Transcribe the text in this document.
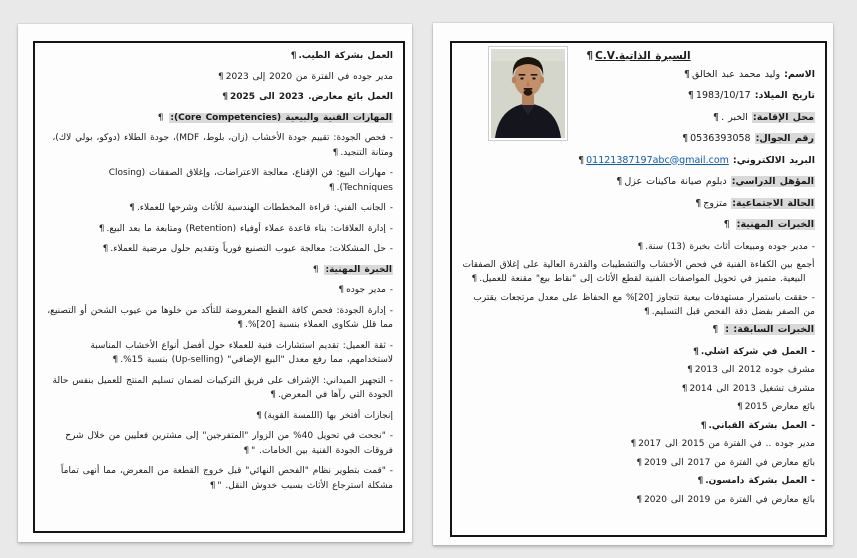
العمل بشركة الطيب.¶
مدير جوده في الفترة من 2020 إلى 2023¶
العمل بائع معارض. 2023 الى 2025¶
المهارات الفنية والبيعية (Core Competencies): ¶
- فحص الجودة: تقييم جودة الأخشاب (زان، بلوط، MDF)، جودة الطلاء (دوكو، بولي لاك)، ومتانة التنجيد.¶
- مهارات البيع: فن الإقناع، معالجة الاعتراضات، وإغلاق الصفقات (Closing Techniques).¶
- الجانب الفني: قراءة المخططات الهندسية للأثاث وشرحها للعملاء.¶
- إدارة العلاقات: بناء قاعدة عملاء أوفياء (Retention) ومتابعة ما بعد البيع.¶
- حل المشكلات: معالجة عيوب التصنيع فورياً وتقديم حلول مرضية للعملاء.¶
الخبرة المهنية: ¶
- مدير جوده¶
- إدارة الجودة: فحص كافة القطع المعروضة للتأكد من خلوها من عيوب الشحن أو التصنيع، مما قلل شكاوى العملاء بنسبة [20]%.¶
- ثقة العميل: تقديم استشارات فنية للعملاء حول أفضل أنواع الأخشاب المناسبة لاستخدامهم، مما رفع معدل "البيع الإضافي" (Up-selling) بنسبة 15%.¶
- التجهيز الميداني: الإشراف على فريق التركيبات لضمان تسليم المنتج للعميل بنفس حالة الجودة التي رآها في المعرض.¶
إنجازات أفتخر بها (اللمسة القوية)¶
- "نجحت في تحويل 40% من الزوار "المتفرجين" إلى مشترين فعليين من خلال شرح فروقات الجودة الفنية بين الخامات. "¶
- "قمت بتطوير نظام "الفحص النهائي" قبل خروج القطعة من المعرض، مما أنهى تماماً مشكلة استرجاع الأثاث بسبب خدوش النقل. "¶
السيرة الذاتية.C.V¶
الاسم: وليد محمد عبد الخالق¶
تاريخ الميلاد: 1983/10/17¶
محل الإقامة: الخبر .¶
رقم الجوال: 0536393058¶
البريد الالكتروني: 01121387197abc@gmail.com¶
المؤهل الدراسي: دبلوم صيانة ماكينات عزل¶
الحالة الاجتماعية: متزوج¶
الخبرات المهنية: ¶
- مدير جوده ومبيعات أثاث بخبرة (13) سنة.¶
أجمع بين الكفاءة الفنية في فحص الأخشاب والتشطيبات والقدرة العالية على إغلاق الصفقات البيعية. متميز في تحويل المواصفات الفنية لقطع الأثاث إلى "نقاط بيع" مقنعة للعميل.¶
- حققت باستمرار مستهدفات بيعية تتجاوز [20]% مع الحفاظ على معدل مرتجعات يقترب من الصفر بفضل دقة الفحص قبل التسليم.¶
الخبرات السابقة: : ¶
- العمل في شركة اشلي.¶
مشرف جوده 2012 الى 2013¶
مشرف تشغيل 2013 الى 2014¶
بائع معارض 2015¶
- العمل بشركة القباني.¶
مدير جوده .. في الفترة من 2015 الى 2017¶
بائع معارض في الفترة من 2017 الى 2019¶
- العمل بشركة دامسون.¶
بائع معارض في الفترة من 2019 الى 2020¶
